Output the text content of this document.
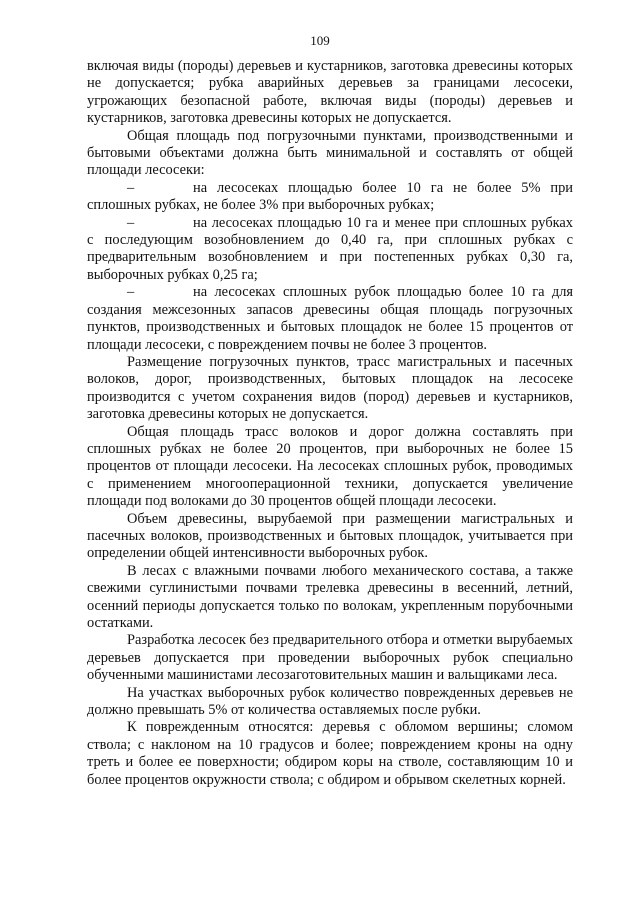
109

включая виды (породы) деревьев и кустарников, заготовка древесины которых не допускается; рубка аварийных деревьев за границами лесосеки, угрожающих безопасной работе, включая виды (породы) деревьев и кустарников, заготовка древесины которых не допускается.

Общая площадь под погрузочными пунктами, производственными и бытовыми объектами должна быть минимальной и составлять от общей площади лесосеки:

–	на лесосеках площадью более 10 га не более 5% при сплошных рубках, не более 3% при выборочных рубках;

–	на лесосеках площадью 10 га и менее при сплошных рубках с последующим возобновлением до 0,40 га, при сплошных рубках с предварительным возобновлением и при постепенных рубках 0,30 га, выборочных рубках 0,25 га;

–	на лесосеках сплошных рубок площадью более 10 га для создания межсезонных запасов древесины общая площадь погрузочных пунктов, производственных и бытовых площадок не более 15 процентов от площади лесосеки, с повреждением почвы не более 3 процентов.

Размещение погрузочных пунктов, трасс магистральных и пасечных волоков, дорог, производственных, бытовых площадок на лесосеке производится с учетом сохранения видов (пород) деревьев и кустарников, заготовка древесины которых не допускается.

Общая площадь трасс волоков и дорог должна составлять при сплошных рубках не более 20 процентов, при выборочных не более 15 процентов от площади лесосеки. На лесосеках сплошных рубок, проводимых с применением многооперационной техники, допускается увеличение площади под волоками до 30 процентов общей площади лесосеки.

Объем древесины, вырубаемой при размещении магистральных и пасечных волоков, производственных и бытовых площадок, учитывается при определении общей интенсивности выборочных рубок.

В лесах с влажными почвами любого механического состава, а также свежими суглинистыми почвами трелевка древесины в весенний, летний, осенний периоды допускается только по волокам, укрепленным порубочными остатками.

Разработка лесосек без предварительного отбора и отметки вырубаемых деревьев допускается при проведении выборочных рубок специально обученными машинистами лесозаготовительных машин и вальщиками леса.

На участках выборочных рубок количество поврежденных деревьев не должно превышать 5% от количества оставляемых после рубки.

К поврежденным относятся: деревья с обломом вершины; сломом ствола; с наклоном на 10 градусов и более; повреждением кроны на одну треть и более ее поверхности; обдиром коры на стволе, составляющим 10 и более процентов окружности ствола; с обдиром и обрывом скелетных корней.
